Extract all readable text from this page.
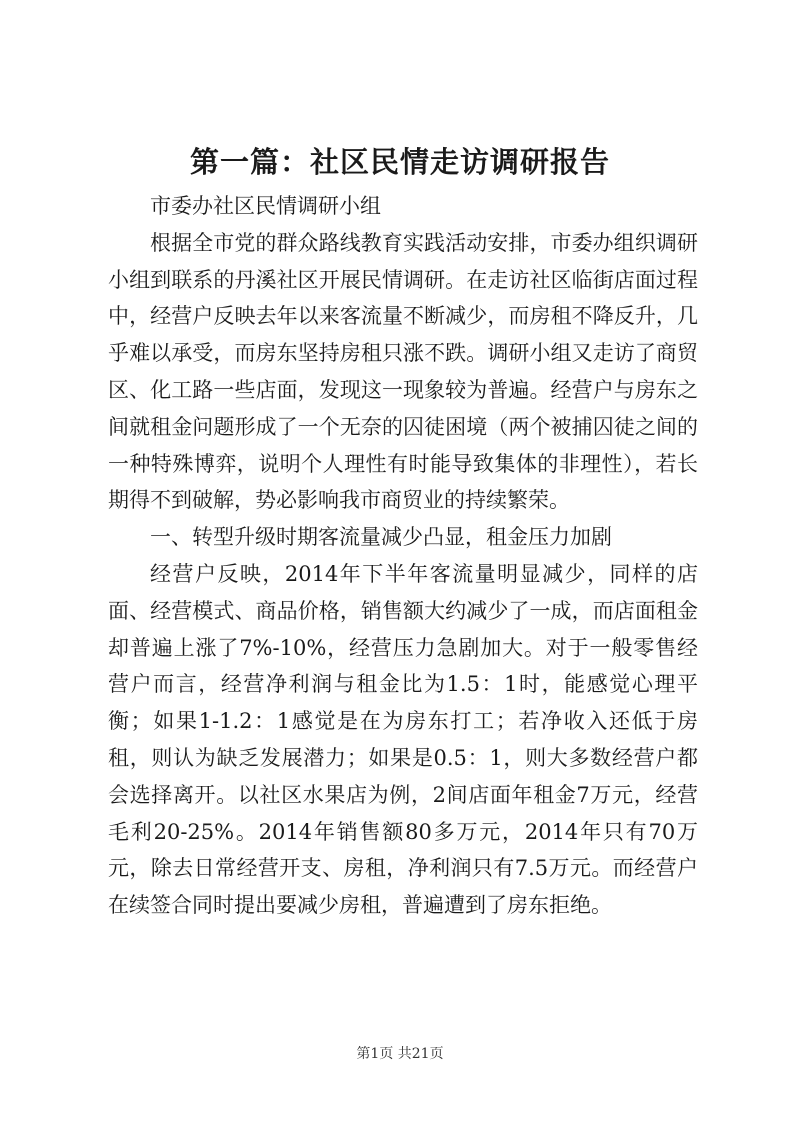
第一篇：社区民情走访调研报告

市委办社区民情调研小组

根据全市党的群众路线教育实践活动安排，市委办组织调研小组到联系的丹溪社区开展民情调研。在走访社区临街店面过程中，经营户反映去年以来客流量不断减少，而房租不降反升，几乎难以承受，而房东坚持房租只涨不跌。调研小组又走访了商贸区、化工路一些店面，发现这一现象较为普遍。经营户与房东之间就租金问题形成了一个无奈的囚徒困境（两个被捕囚徒之间的一种特殊博弈，说明个人理性有时能导致集体的非理性），若长期得不到破解，势必影响我市商贸业的持续繁荣。

一、转型升级时期客流量减少凸显，租金压力加剧

经营户反映，2014年下半年客流量明显减少，同样的店面、经营模式、商品价格，销售额大约减少了一成，而店面租金却普遍上涨了7%-10%，经营压力急剧加大。对于一般零售经营户而言，经营净利润与租金比为1.5：1时，能感觉心理平衡；如果1-1.2：1感觉是在为房东打工；若净收入还低于房租，则认为缺乏发展潜力；如果是0.5：1，则大多数经营户都会选择离开。以社区水果店为例，2间店面年租金7万元，经营毛利20-25%。2014年销售额80多万元，2014年只有70万元，除去日常经营开支、房租，净利润只有7.5万元。而经营户在续签合同时提出要减少房租，普遍遭到了房东拒绝。

第1页 共21页
